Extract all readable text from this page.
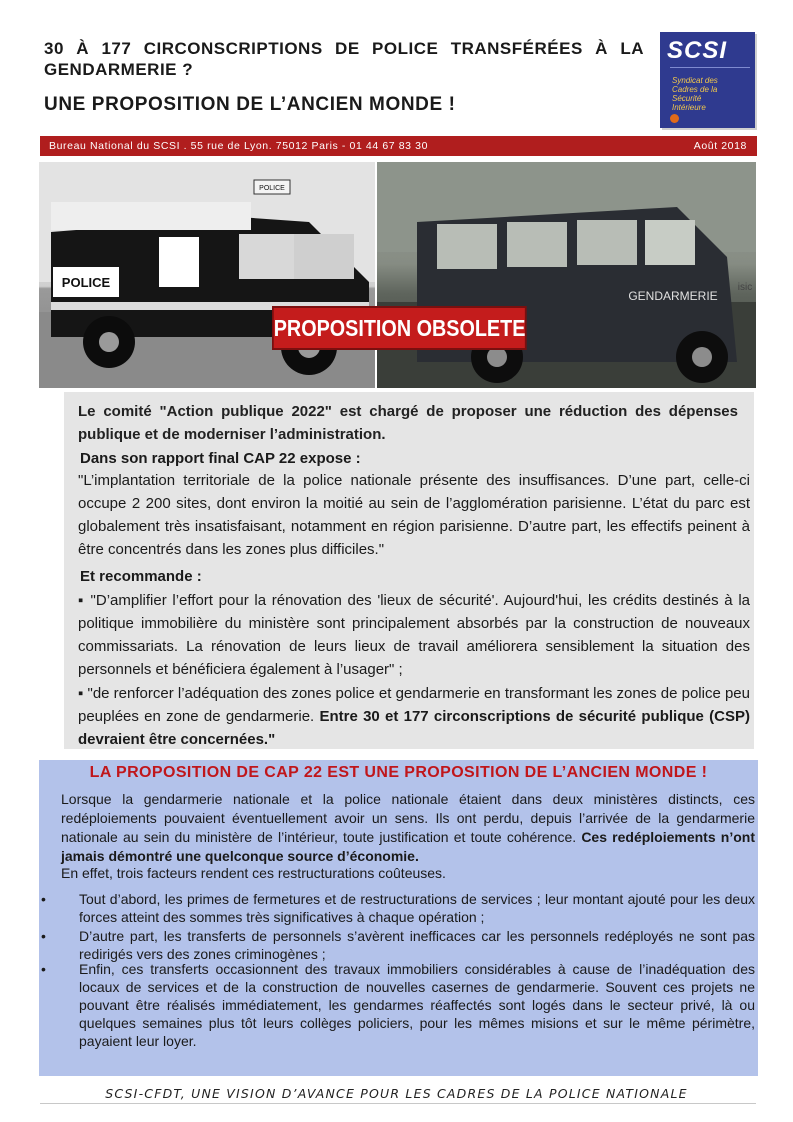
30 À 177 CIRCONSCRIPTIONS DE POLICE TRANSFÉRÉES À LA GENDARMERIE ?
UNE PROPOSITION DE L’ANCIEN MONDE !
SCSI
Syndicat des Cadres de la Sécurité Intérieure
Bureau National du SCSI . 55 rue de Lyon. 75012 Paris - 01 44 67 83 30	Août 2018
POLICE
POLICE
GENDARMERIE
isic
PROPOSITION OBSOLETE

Le comité "Action publique 2022" est chargé de proposer une réduction des dépenses publique et de moderniser l’administration.

Dans son rapport final CAP 22 expose :

"L’implantation territoriale de la police nationale présente des insuffisances. D’une part, celle-ci occupe 2 200 sites, dont environ la moitié au sein de l’agglomération parisienne. L’état du parc est globalement très insatisfaisant, notamment en région parisienne. D’autre part, les effectifs peinent à être concentrés dans les zones plus difficiles."

Et recommande :

▪ "D’amplifier l’effort pour la rénovation des 'lieux de sécurité'. Aujourd'hui, les crédits destinés à la politique immobilière du ministère sont principalement absorbés par la construction de nouveaux commissariats. La rénovation de leurs lieux de travail améliorera sensiblement la situation des personnels et bénéficiera également à l’usager" ;

▪ "de renforcer l’adéquation des zones police et gendarmerie en transformant les zones de police peu peuplées en zone de gendarmerie. Entre 30 et 177 circonscriptions de sécurité publique (CSP) devraient être concernées."

LA PROPOSITION DE CAP 22 EST UNE PROPOSITION DE L’ANCIEN MONDE !

Lorsque la gendarmerie nationale et la police nationale étaient dans deux ministères distincts, ces redéploiements pouvaient éventuellement avoir un sens. Ils ont perdu, depuis l’arrivée de la gendarmerie nationale au sein du ministère de l’intérieur, toute justification et toute cohérence. Ces redéploiements n’ont jamais démontré une quelconque source d’économie.

En effet, trois facteurs rendent ces restructurations coûteuses.

• Tout d’abord, les primes de fermetures et de restructurations de services ; leur montant ajouté pour les deux forces atteint des sommes très significatives à chaque opération ;

• D’autre part, les transferts de personnels s’avèrent inefficaces car les personnels redéployés ne sont pas redirigés vers des zones criminogènes ;

• Enfin, ces transferts occasionnent des travaux immobiliers considérables à cause de l’inadéquation des locaux de services et de la construction de nouvelles casernes de gendarmerie. Souvent ces projets ne pouvant être réalisés immédiatement, les gendarmes réaffectés sont logés dans le secteur privé, là ou quelques semaines plus tôt leurs collèges policiers, pour les mêmes misions et sur le même périmètre, payaient leur loyer.

SCSI-CFDT, UNE VISION D’AVANCE POUR LES CADRES DE LA POLICE NATIONALE
